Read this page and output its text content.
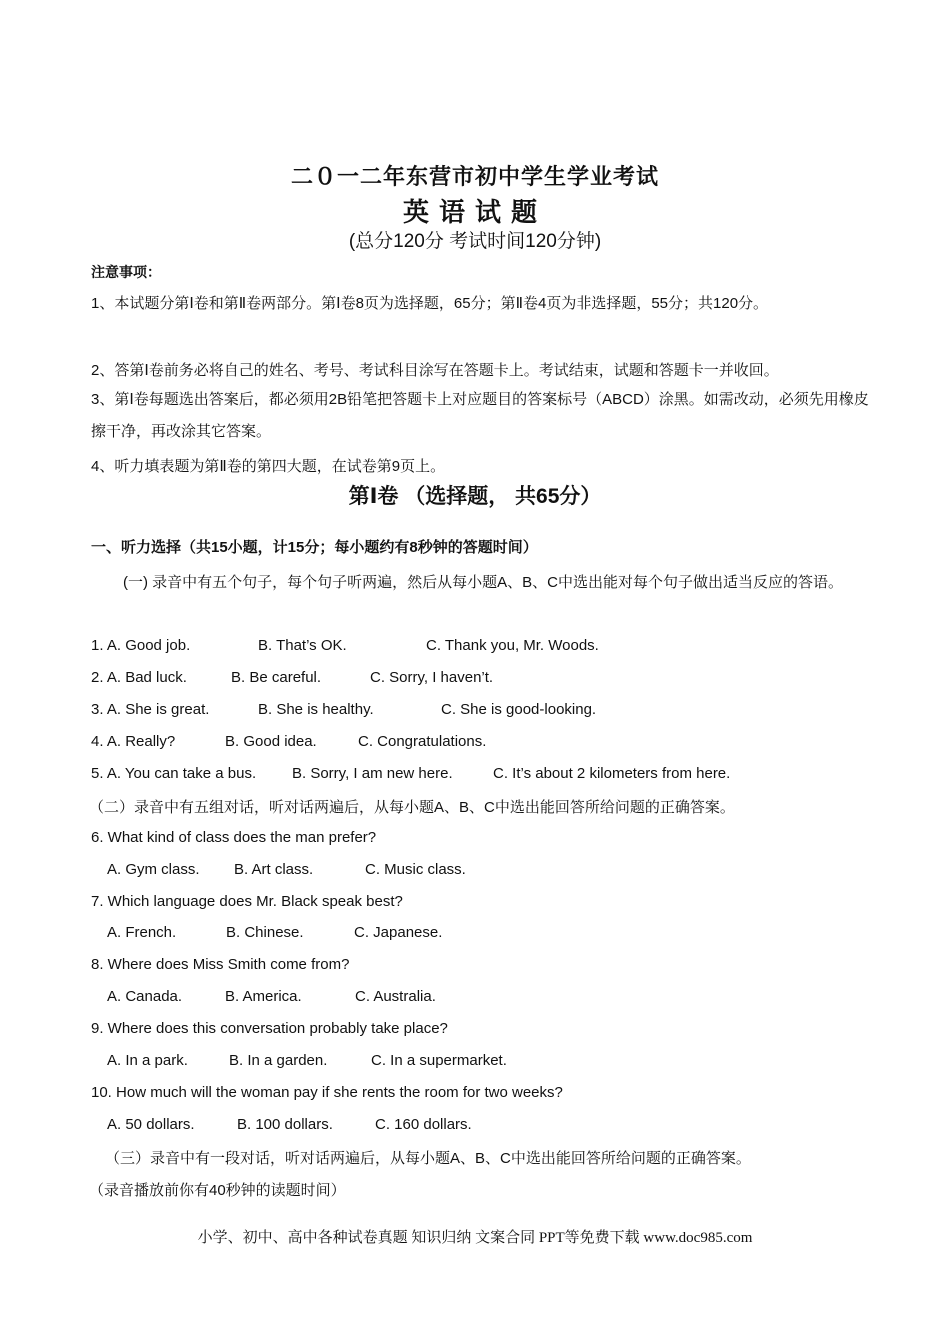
二０一二年东营市初中学生学业考试
英语试题
(总分120分 考试时间120分钟)
注意事项：
1、本试题分第Ⅰ卷和第Ⅱ卷两部分。第Ⅰ卷8页为选择题，65分；第Ⅱ卷4页为非选择题，55分；共120分。
2、答第Ⅰ卷前务必将自己的姓名、考号、考试科目涂写在答题卡上。考试结束，试题和答题卡一并收回。
3、第Ⅰ卷每题选出答案后，都必须用2B铅笔把答题卡上对应题目的答案标号（ABCD）涂黑。如需改动，必须先用橡皮擦干净，再改涂其它答案。
4、听力填表题为第Ⅱ卷的第四大题，在试卷第9页上。
第Ⅰ卷 （选择题， 共65分）
一、听力选择（共15小题，计15分；每小题约有8秒钟的答题时间）
(一) 录音中有五个句子，每个句子听两遍，然后从每小题A、B、C中选出能对每个句子做出适当反应的答语。
1. A. Good job.	B. That’s OK.	C. Thank you, Mr. Woods.
2. A. Bad luck.	B. Be careful.	C. Sorry, I haven’t.
3. A. She is great.	B. She is healthy.	C. She is good-looking.
4. A. Really?	B. Good idea.	C. Congratulations.
5. A. You can take a bus. B. Sorry, I am new here.	C. It’s about 2 kilometers from here.
（二）录音中有五组对话，听对话两遍后，从每小题A、B、C中选出能回答所给问题的正确答案。
6. What kind of class does the man prefer?
A. Gym class. B. Art class.	C. Music class.
7. Which language does Mr. Black speak best?
A. French.	B. Chinese.	C. Japanese.
8. Where does Miss Smith come from?
A. Canada.	B. America.	C. Australia.
9. Where does this conversation probably take place?
A. In a park.	B. In a garden.	C. In a supermarket.
10. How much will the woman pay if she rents the room for two weeks?
A. 50 dollars.	B. 100 dollars.	C. 160 dollars.
（三）录音中有一段对话，听对话两遍后，从每小题A、B、C中选出能回答所给问题的正确答案。
（录音播放前你有40秒钟的读题时间）
小学、初中、高中各种试卷真题 知识归纳 文案合同 PPT等免费下载 www.doc985.com
